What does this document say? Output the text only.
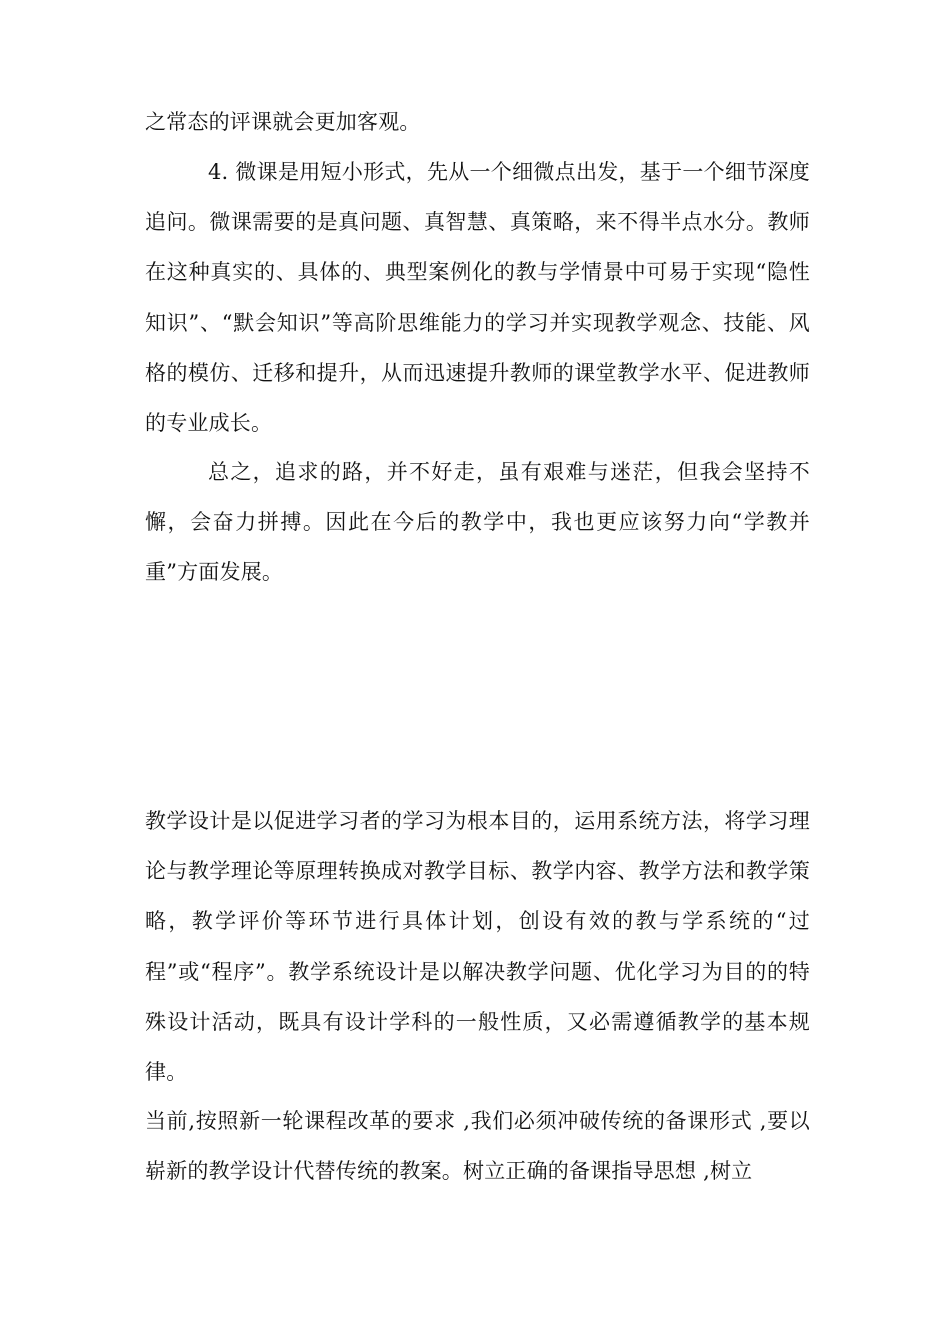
之常态的评课就会更加客观。

4. 微课是用短小形式，先从一个细微点出发，基于一个细节深度追问。微课需要的是真问题、真智慧、真策略，来不得半点水分。教师在这种真实的、具体的、典型案例化的教与学情景中可易于实现“隐性知识”、“默会知识”等高阶思维能力的学习并实现教学观念、技能、风格的模仿、迁移和提升，从而迅速提升教师的课堂教学水平、促进教师的专业成长。

总之，追求的路，并不好走，虽有艰难与迷茫，但我会坚持不懈，会奋力拼搏。因此在今后的教学中，我也更应该努力向“学教并重”方面发展。

教学设计是以促进学习者的学习为根本目的，运用系统方法，将学习理论与教学理论等原理转换成对教学目标、教学内容、教学方法和教学策略，教学评价等环节进行具体计划，创设有效的教与学系统的“过程”或“程序”。教学系统设计是以解决教学问题、优化学习为目的的特殊设计活动，既具有设计学科的一般性质，又必需遵循教学的基本规律。

当前,按照新一轮课程改革的要求 ,我们必须冲破传统的备课形式 ,要以崭新的教学设计代替传统的教案。树立正确的备课指导思想 ,树立
